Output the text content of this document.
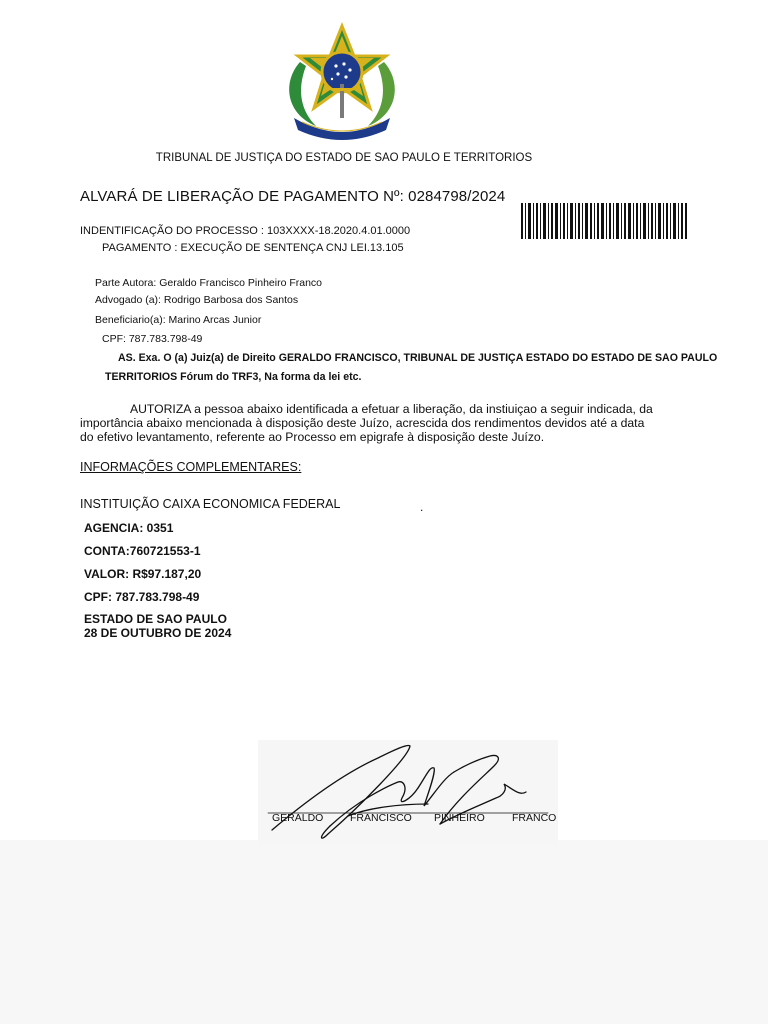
TRIBUNAL DE JUSTIÇA DO ESTADO DE SAO PAULO E TERRITORIOS
ALVARÁ DE LIBERAÇÃO DE PAGAMENTO Nº: 0284798/2024
INDENTIFICAÇÃO DO PROCESSO : 103XXXX-18.2020.4.01.0000
PAGAMENTO : EXECUÇÃO DE SENTENÇA CNJ LEI.13.105
Parte Autora: Geraldo Francisco Pinheiro Franco
Advogado (a): Rodrigo Barbosa dos Santos
Beneficiario(a): Marino Arcas Junior
CPF: 787.783.798-49
AS. Exa. O (a) Juiz(a) de Direito GERALDO FRANCISCO, TRIBUNAL DE JUSTIÇA ESTADO DO ESTADO DE SAO PAULO
TERRITORIOS Fórum do TRF3, Na forma da lei etc.
AUTORIZA a pessoa abaixo identificada a efetuar a liberação, da instiuiçao a seguir indicada, da importância abaixo mencionada à disposição deste Juízo, acrescida dos rendimentos devidos até a data do efetivo levantamento, referente ao Processo em epigrafe à disposição deste Juízo.
INFORMAÇÕES COMPLEMENTARES:
INSTITUIÇÃO CAIXA ECONOMICA FEDERAL	.
AGENCIA: 0351
CONTA:760721553-1
VALOR: R$97.187,20
CPF: 787.783.798-49
ESTADO DE SAO PAULO
28 DE OUTUBRO DE 2024
GERALDO	FRANCISCO PINHEIRO	FRANCO
